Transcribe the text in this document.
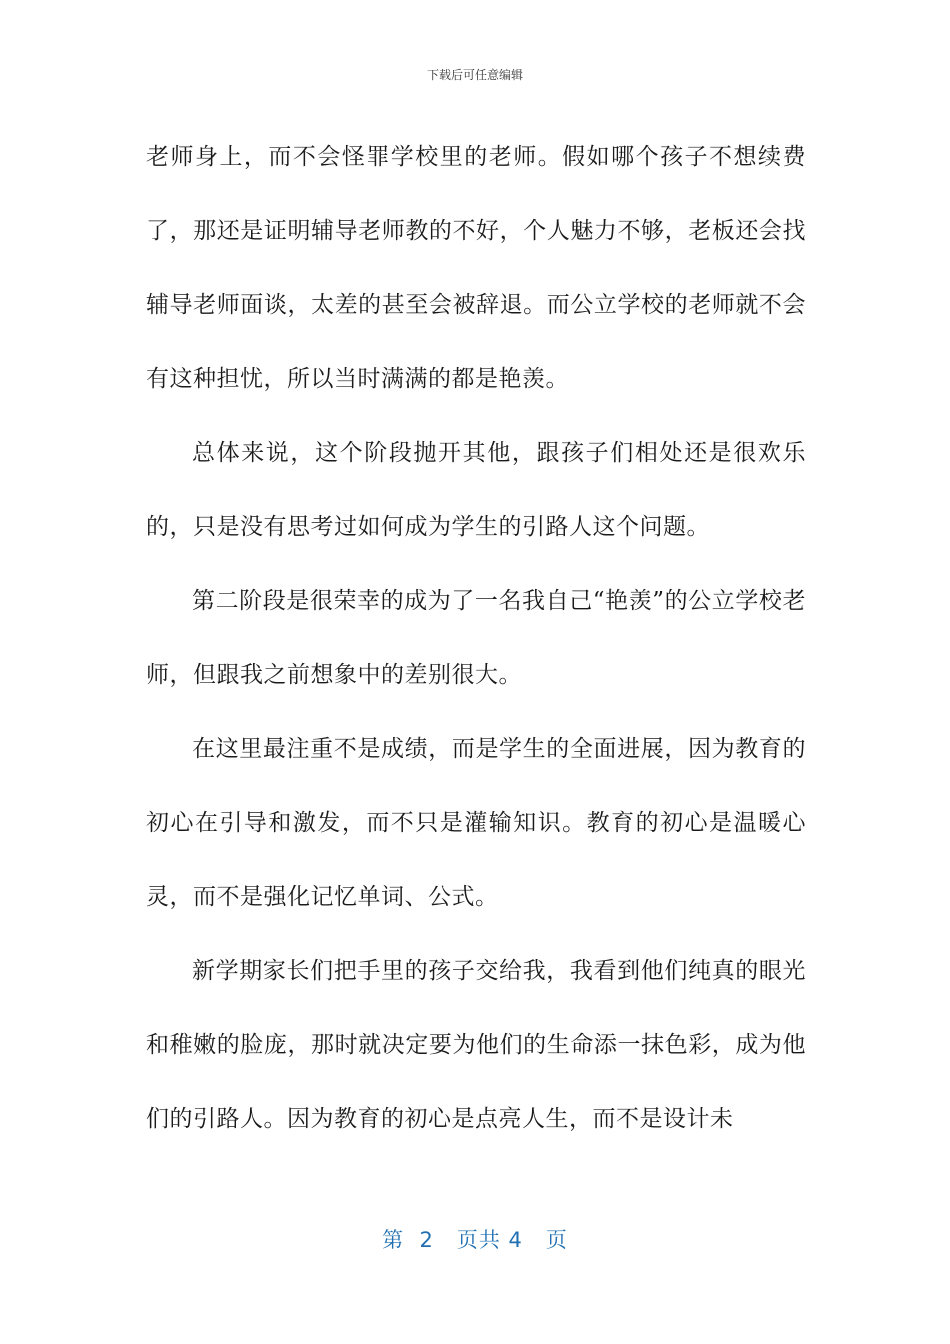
下载后可任意编辑

老师身上，而不会怪罪学校里的老师。假如哪个孩子不想续费了，那还是证明辅导老师教的不好，个人魅力不够，老板还会找辅导老师面谈，太差的甚至会被辞退。而公立学校的老师就不会有这种担忧，所以当时满满的都是艳羡。

总体来说，这个阶段抛开其他，跟孩子们相处还是很欢乐的，只是没有思考过如何成为学生的引路人这个问题。

第二阶段是很荣幸的成为了一名我自己“艳羡”的公立学校老师，但跟我之前想象中的差别很大。

在这里最注重不是成绩，而是学生的全面进展，因为教育的初心在引导和激发，而不只是灌输知识。教育的初心是温暖心灵，而不是强化记忆单词、公式。

新学期家长们把手里的孩子交给我，我看到他们纯真的眼光和稚嫩的脸庞，那时就决定要为他们的生命添一抹色彩，成为他们的引路人。因为教育的初心是点亮人生，而不是设计未

第  2   页共 4   页
